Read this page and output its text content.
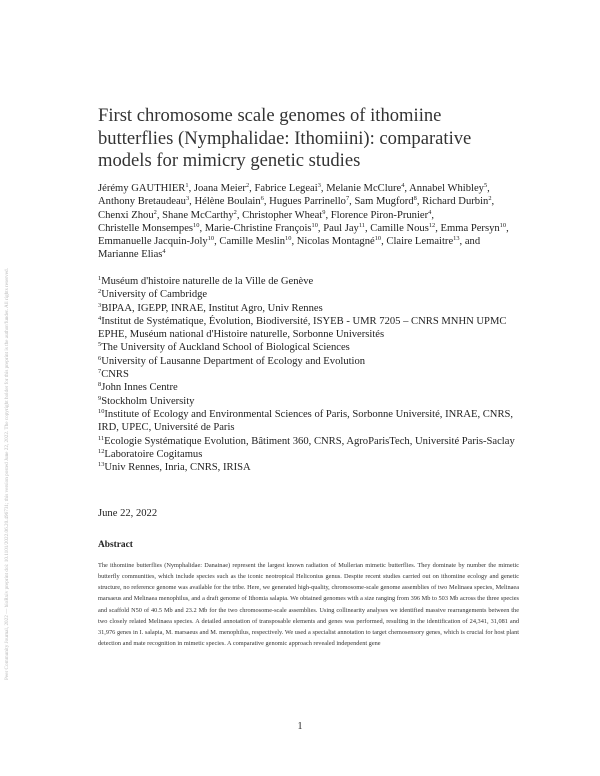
Peer Community Journal, 2022 — bioRxiv preprint doi: 10.1101/2022.06.20.496731; this version posted June 22, 2022. The copyright holder for this preprint is the author/funder. All rights reserved.
First chromosome scale genomes of ithomiine butterflies (Nymphalidae: Ithomiini): comparative models for mimicry genetic studies
Jérémy GAUTHIER$^1$, Joana Meier$^2$, Fabrice Legeai$^3$, Melanie McClure$^4$, Annabel Whibley$^5$, Anthony Bretaudeau$^3$, Hélène Boulain$^6$, Hugues Parrinello$^7$, Sam Mugford$^8$, Richard Durbin$^2$, Chenxi Zhou$^2$, Shane McCarthy$^2$, Christopher Wheat$^9$, Florence Piron-Prunier$^4$, Christelle Monsempes$^{10}$, Marie-Christine François$^{10}$, Paul Jay$^{11}$, Camille Nous$^{12}$, Emma Persyn$^{10}$, Emmanuelle Jacquin-Joly$^{10}$, Camille Meslin$^{10}$, Nicolas Montagné$^{10}$, Claire Lemaitre$^{13}$, and Marianne Elias$^4$

$^1$Muséum d'histoire naturelle de la Ville de Genève

$^2$University of Cambridge

$^3$BIPAA, IGEPP, INRAE, Institut Agro, Univ Rennes

$^4$Institut de Systématique, Évolution, Biodiversité, ISYEB - UMR 7205 – CNRS MNHN UPMC EPHE, Muséum national d'Histoire naturelle, Sorbonne Universités

$^5$The University of Auckland School of Biological Sciences

$^6$University of Lausanne Department of Ecology and Evolution

$^7$CNRS

$^8$John Innes Centre

$^9$Stockholm University

$^{10}$Institute of Ecology and Environmental Sciences of Paris, Sorbonne Université, INRAE, CNRS, IRD, UPEC, Université de Paris

$^{11}$Ecologie Systématique Evolution, Bâtiment 360, CNRS, AgroParisTech, Université Paris-Saclay

$^{12}$Laboratoire Cogitamus

$^{13}$Univ Rennes, Inria, CNRS, IRISA

June 22, 2022
Abstract

The ithomiine butterflies (Nymphalidae: Danainae) represent the largest known radiation of Mullerian mimetic butterflies. They dominate by number the mimetic butterfly communities, which include species such as the iconic neotropical Heliconius genus. Despite recent studies carried out on ithomiine ecology and genetic structure, no reference genome was available for the tribe. Here, we generated high-quality, chromosome-scale genome assemblies of two Melinaea species, Melinaea marsaeus and Melinaea menophilus, and a draft genome of Ithomia salapia. We obtained genomes with a size ranging from 396 Mb to 503 Mb across the three species and scaffold N50 of 40.5 Mb and 23.2 Mb for the two chromosome-scale assemblies. Using collinearity analyses we identified massive rearrangements between the two closely related Melinaea species. A detailed annotation of transposable elements and genes was performed, resulting in the identification of 24,341, 31,081 and 31,976 genes in I. salapia, M. marsaeus and M. menophilus, respectively. We used a specialist annotation to target chemosensory genes, which is crucial for host plant detection and mate recognition in mimetic species. A comparative genomic approach revealed independent gene

1
